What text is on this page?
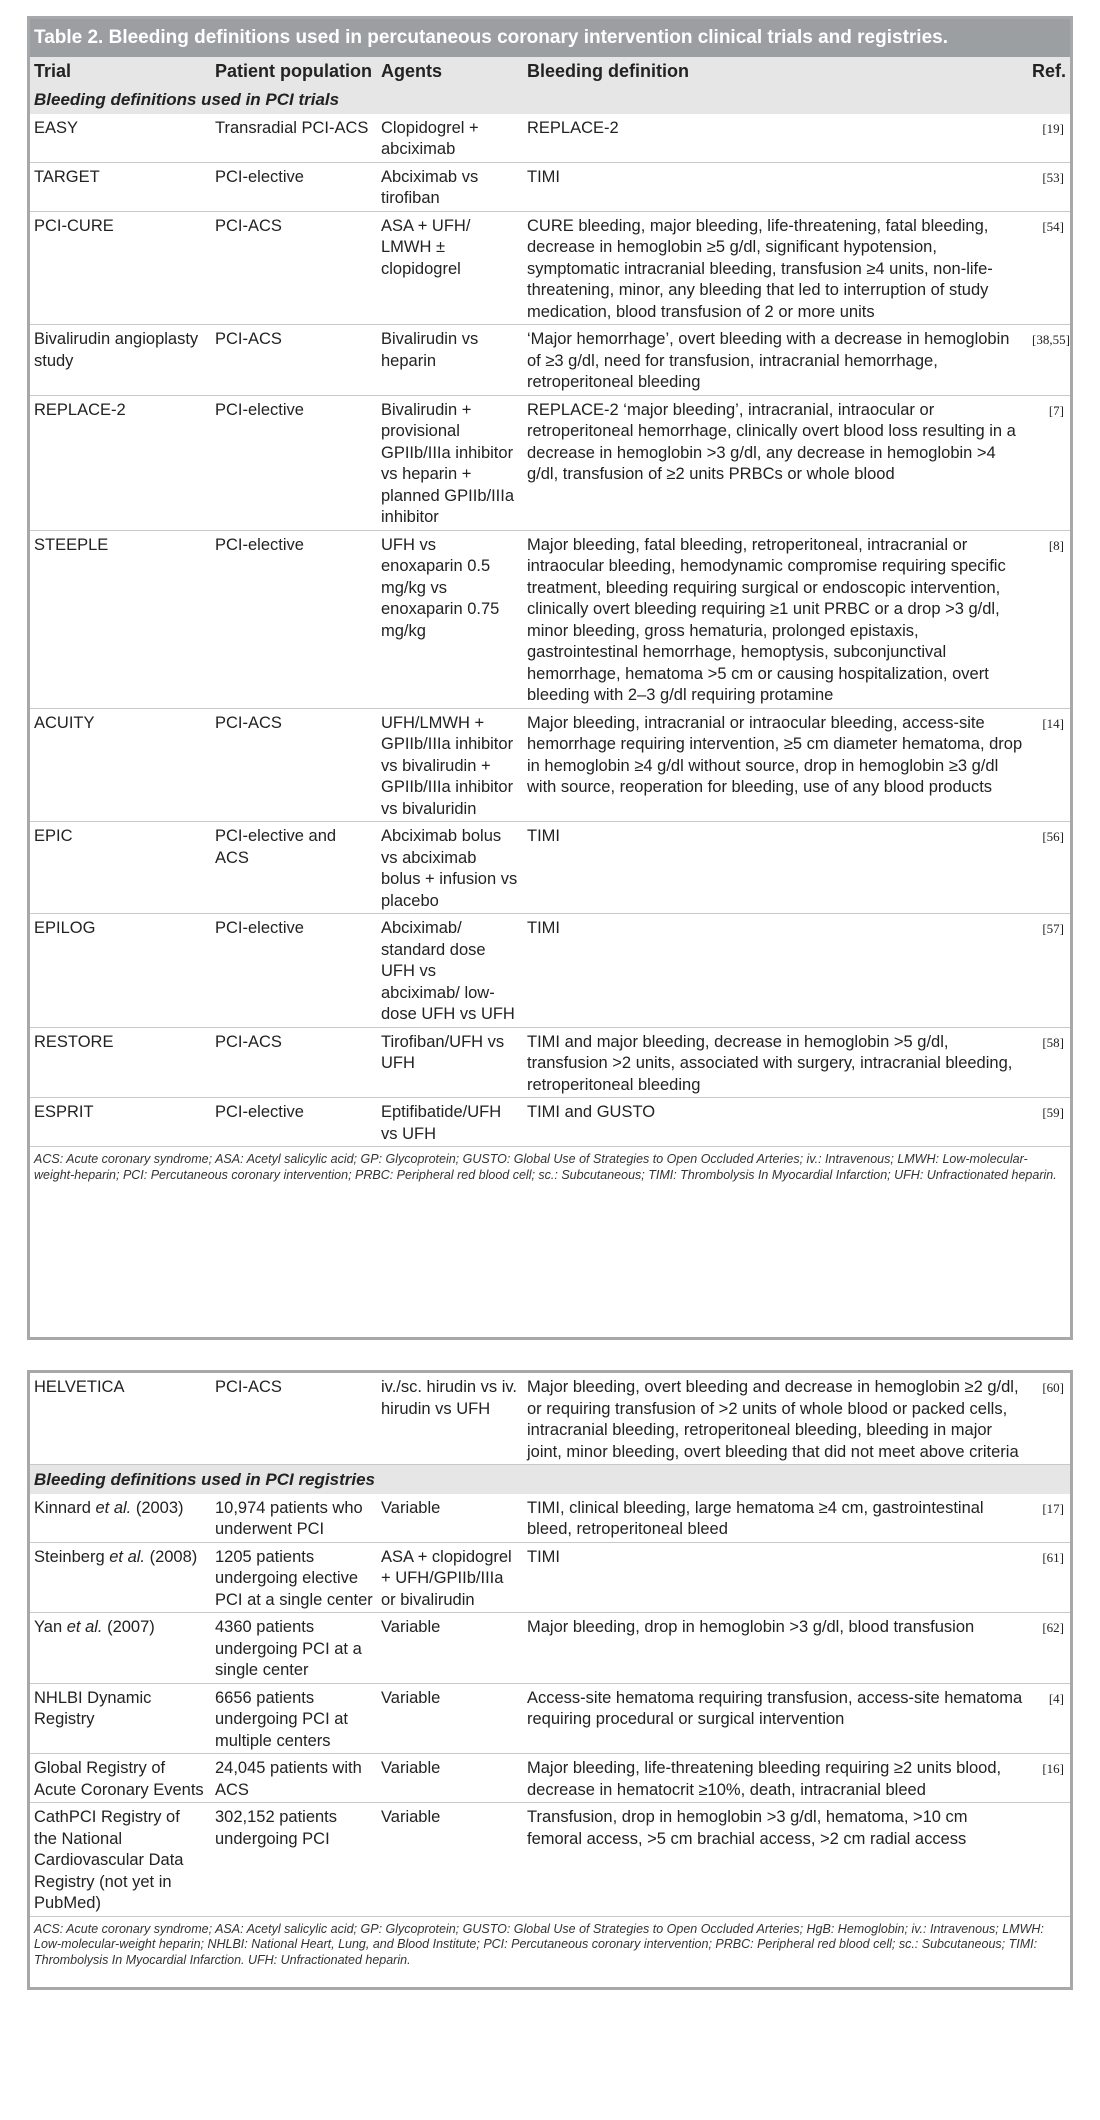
Table 2. Bleeding definitions used in percutaneous coronary intervention clinical trials and registries.
Trial	Patient population	Agents	Bleeding definition	Ref.
Bleeding definitions used in PCI trials				
EASY	Transradial PCI-ACS	Clopidogrel + abciximab	REPLACE-2	[19]
TARGET	PCI-elective	Abciximab vs tirofiban	TIMI	[53]
PCI-CURE	PCI-ACS	ASA + UFH/ LMWH ± clopidogrel	CURE bleeding, major bleeding, life-threatening, fatal bleeding, decrease in hemoglobin ≥5 g/dl, significant hypotension, symptomatic intracranial bleeding, transfusion ≥4 units, non-life-threatening, minor, any bleeding that led to interruption of study medication, blood transfusion of 2 or more units	[54]
Bivalirudin angioplasty study	PCI-ACS	Bivalirudin vs heparin	‘Major hemorrhage’, overt bleeding with a decrease in hemoglobin of ≥3 g/dl, need for transfusion, intracranial hemorrhage, retroperitoneal bleeding	[38,55]
REPLACE-2	PCI-elective	Bivalirudin + provisional GPIIb/IIIa inhibitor vs heparin + planned GPIIb/IIIa inhibitor	REPLACE-2 ‘major bleeding’, intracranial, intraocular or retroperitoneal hemorrhage, clinically overt blood loss resulting in a decrease in hemoglobin >3 g/dl, any decrease in hemoglobin >4 g/dl, transfusion of ≥2 units PRBCs or whole blood	[7]
STEEPLE	PCI-elective	UFH vs enoxaparin 0.5 mg/kg vs enoxaparin 0.75 mg/kg	Major bleeding, fatal bleeding, retroperitoneal, intracranial or intraocular bleeding, hemodynamic compromise requiring specific treatment, bleeding requiring surgical or endoscopic intervention, clinically overt bleeding requiring ≥1 unit PRBC or a drop >3 g/dl, minor bleeding, gross hematuria, prolonged epistaxis, gastrointestinal hemorrhage, hemoptysis, subconjunctival hemorrhage, hematoma >5 cm or causing hospitalization, overt bleeding with 2–3 g/dl requiring protamine	[8]
ACUITY	PCI-ACS	UFH/LMWH + GPIIb/IIIa inhibitor vs bivalirudin + GPIIb/IIIa inhibitor vs bivaluridin	Major bleeding, intracranial or intraocular bleeding, access-site hemorrhage requiring intervention, ≥5 cm diameter hematoma, drop in hemoglobin ≥4 g/dl without source, drop in hemoglobin ≥3 g/dl with source, reoperation for bleeding, use of any blood products	[14]
EPIC	PCI-elective and ACS	Abciximab bolus vs abciximab bolus + infusion vs placebo	TIMI	[56]
EPILOG	PCI-elective	Abciximab/ standard dose UFH vs abciximab/ low-dose UFH vs UFH	TIMI	[57]
RESTORE	PCI-ACS	Tirofiban/UFH vs UFH	TIMI and major bleeding, decrease in hemoglobin >5 g/dl, transfusion >2 units, associated with surgery, intracranial bleeding, retroperitoneal bleeding	[58]
ESPRIT	PCI-elective	Eptifibatide/UFH vs UFH	TIMI and GUSTO	[59]
ACS: Acute coronary syndrome; ASA: Acetyl salicylic acid; GP: Glycoprotein; GUSTO: Global Use of Strategies to Open Occluded Arteries; iv.: Intravenous; LMWH: Low-molecular-weight-heparin; PCI: Percutaneous coronary intervention; PRBC: Peripheral red blood cell; sc.: Subcutaneous; TIMI: Thrombolysis In Myocardial Infarction; UFH: Unfractionated heparin.
HELVETICA	PCI-ACS	iv./sc. hirudin vs iv. hirudin vs UFH	Major bleeding, overt bleeding and decrease in hemoglobin ≥2 g/dl, or requiring transfusion of >2 units of whole blood or packed cells, intracranial bleeding, retroperitoneal bleeding, bleeding in major joint, minor bleeding, overt bleeding that did not meet above criteria	[60]
Bleeding definitions used in PCI registries				
Kinnard et al. (2003)	10,974 patients who underwent PCI	Variable	TIMI, clinical bleeding, large hematoma ≥4 cm, gastrointestinal bleed, retroperitoneal bleed	[17]
Steinberg et al. (2008)	1205 patients undergoing elective PCI at a single center	ASA + clopidogrel + UFH/GPIIb/IIIa or bivalirudin	TIMI	[61]
Yan et al. (2007)	4360 patients undergoing PCI at a single center	Variable	Major bleeding, drop in hemoglobin >3 g/dl, blood transfusion	[62]
NHLBI Dynamic Registry	6656 patients undergoing PCI at multiple centers	Variable	Access-site hematoma requiring transfusion, access-site hematoma requiring procedural or surgical intervention	[4]
Global Registry of Acute Coronary Events	24,045 patients with ACS	Variable	Major bleeding, life-threatening bleeding requiring ≥2 units blood, decrease in hematocrit ≥10%, death, intracranial bleed	[16]
CathPCI Registry of the National Cardiovascular Data Registry (not yet in PubMed)	302,152 patients undergoing PCI	Variable	Transfusion, drop in hemoglobin >3 g/dl, hematoma, >10 cm femoral access, >5 cm brachial access, >2 cm radial access	
ACS: Acute coronary syndrome; ASA: Acetyl salicylic acid; GP: Glycoprotein; GUSTO: Global Use of Strategies to Open Occluded Arteries; HgB: Hemoglobin; iv.: Intravenous; LMWH: Low-molecular-weight heparin; NHLBI: National Heart, Lung, and Blood Institute; PCI: Percutaneous coronary intervention; PRBC: Peripheral red blood cell; sc.: Subcutaneous; TIMI: Thrombolysis In Myocardial Infarction. UFH: Unfractionated heparin.
